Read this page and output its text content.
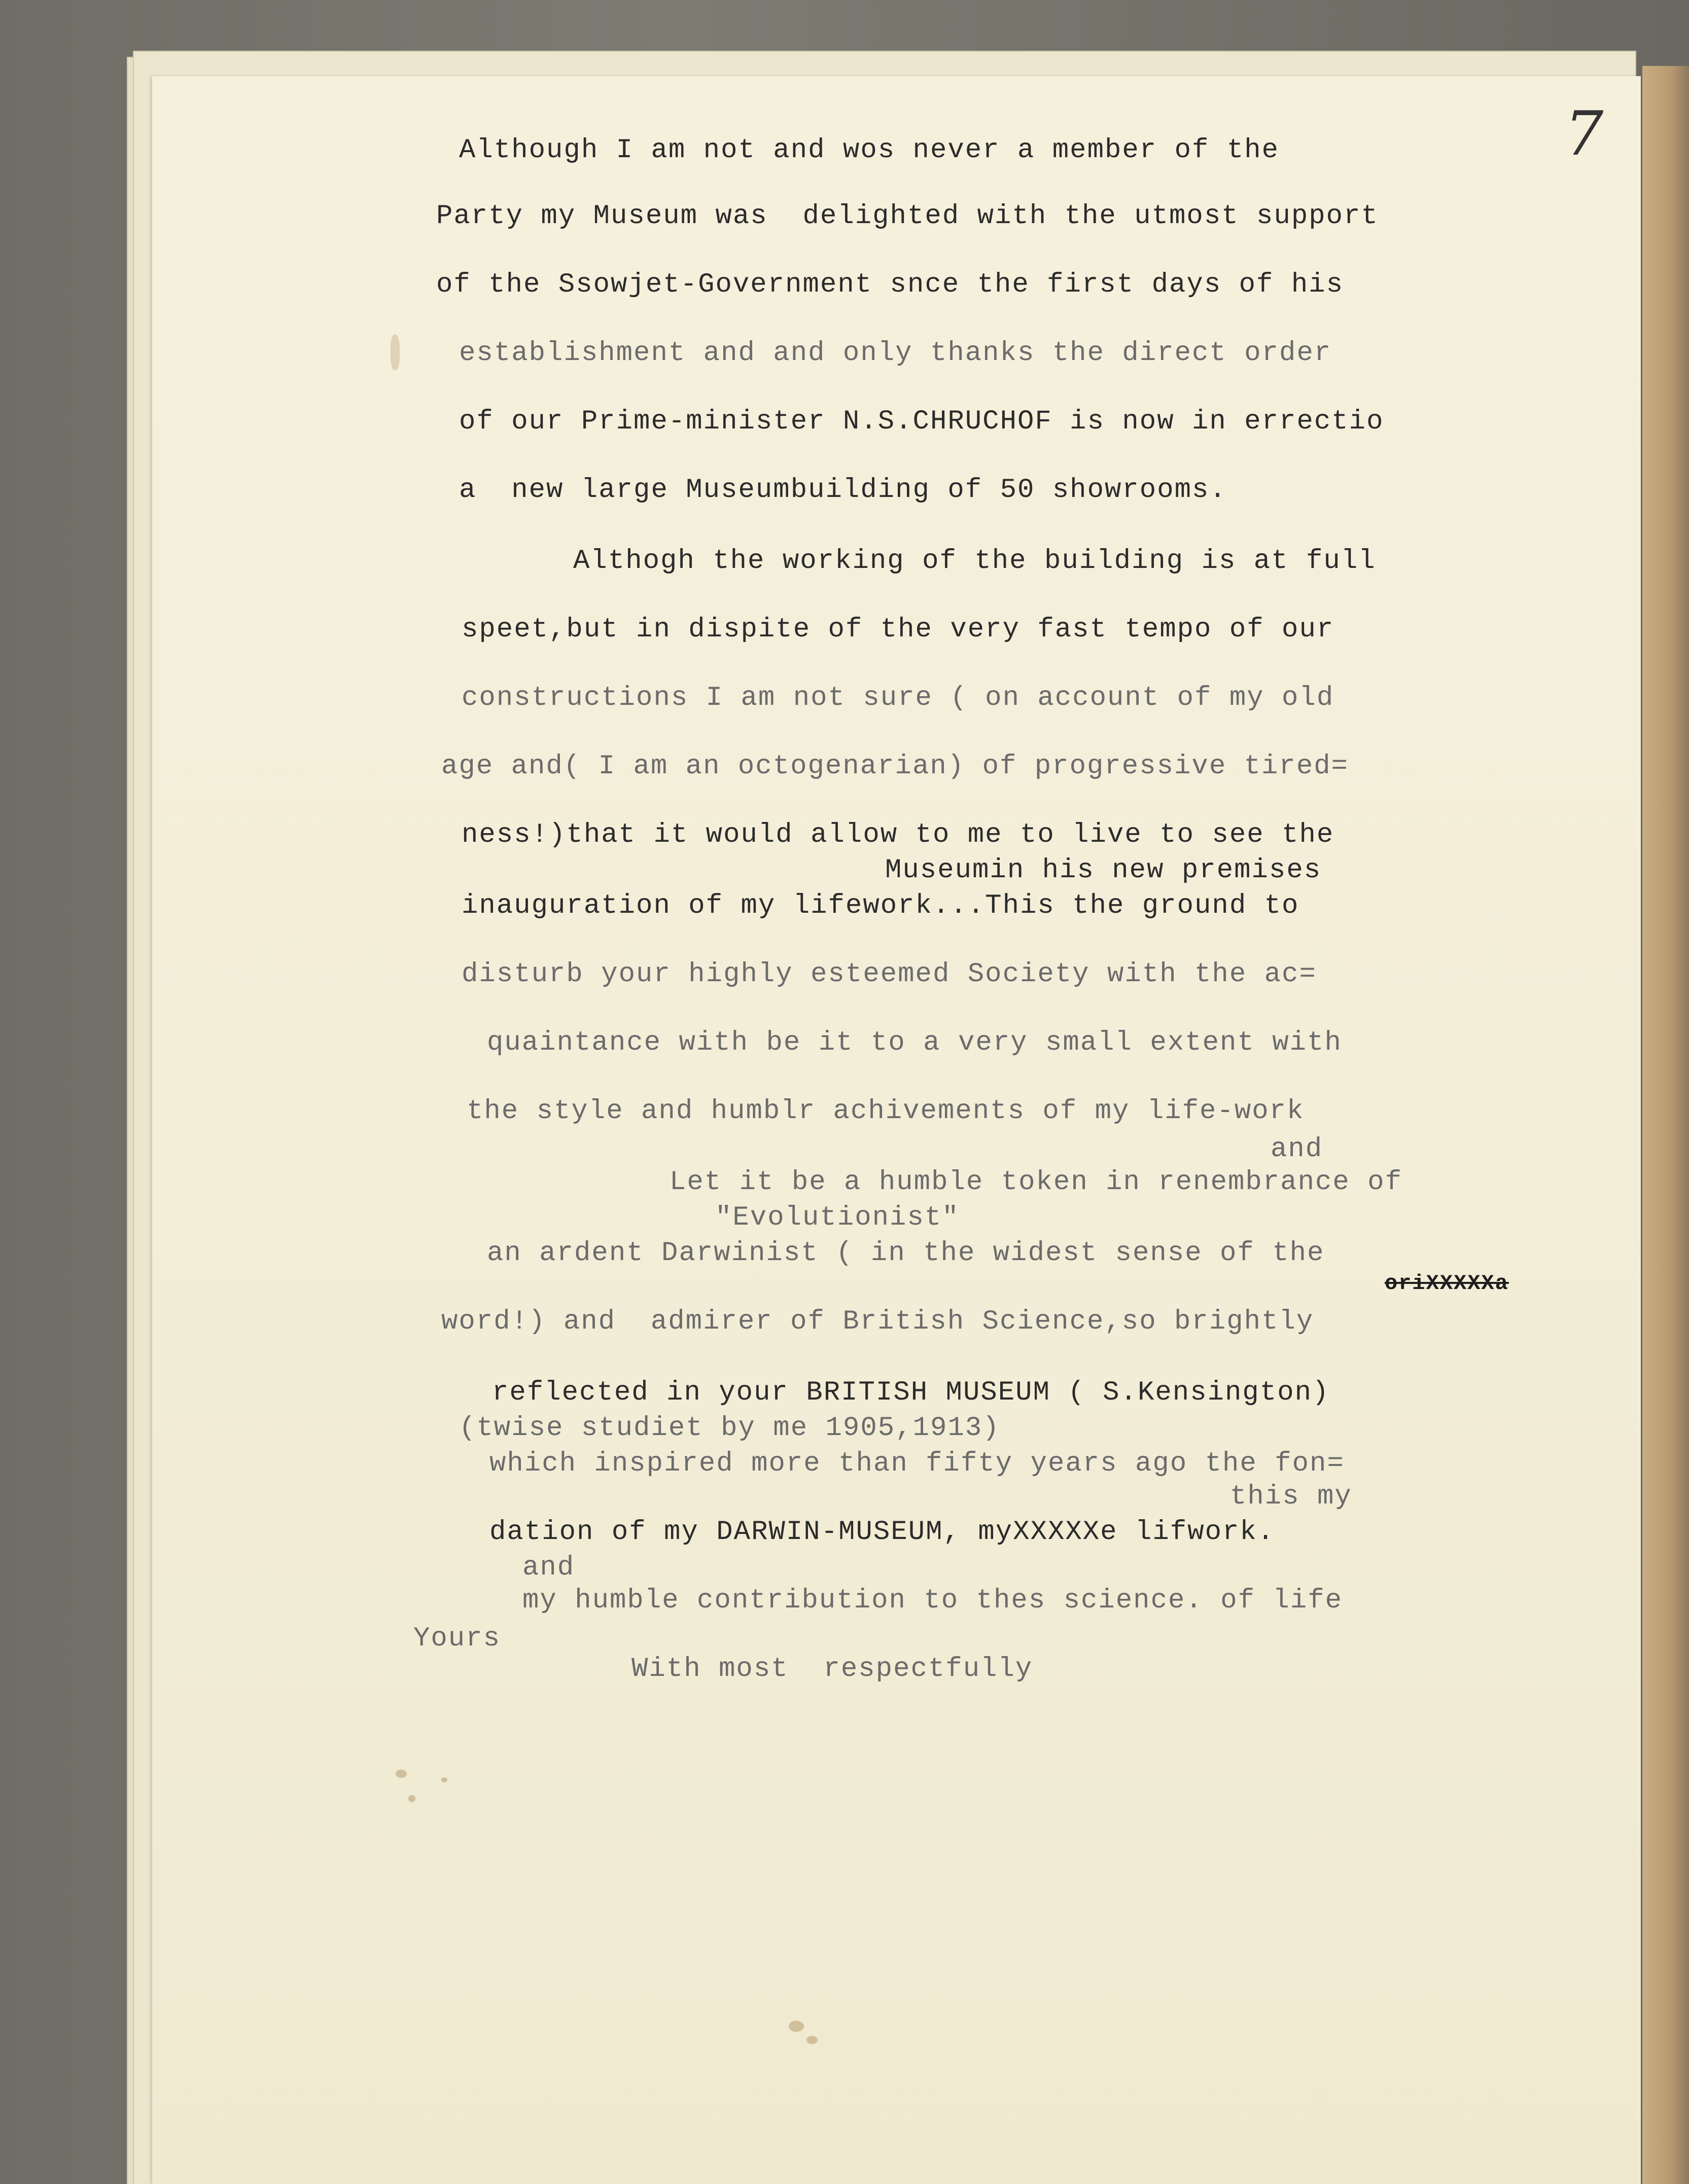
7
Although I am not and wos never a member of the
Party my Museum was  delighted with the utmost support
of the Ssowjet-Government snce the first days of his
establishment and and only thanks the direct order
of our Prime-minister N.S.CHRUCHOF is now in errectio
a  new large Museumbuilding of 50 showrooms.
Althogh the working of the building is at full
speet,but in dispite of the very fast tempo of our
constructions I am not sure ( on account of my old
age and( I am an octogenarian) of progressive tired=
ness!)that it would allow to me to live to see the
Museumin his new premises
inauguration of my lifework...This the ground to
disturb your highly esteemed Society with the ac=
quaintance with be it to a very small extent with
the style and humblr achivements of my life-work
and
Let it be a humble token in renembrance of
"Evolutionist"
an ardent Darwinist ( in the widest sense of the
oriXXXXXa
word!) and  admirer of British Science,so brightly
reflected in your BRITISH MUSEUM ( S.Kensington)
(twise studiet by me 1905,1913)
which inspired more than fifty years ago the fon=
this my
dation of my DARWIN-MUSEUM, myXXXXXe lifwork.
and
my humble contribution to thes science. of life
Yours
With most  respectfully
